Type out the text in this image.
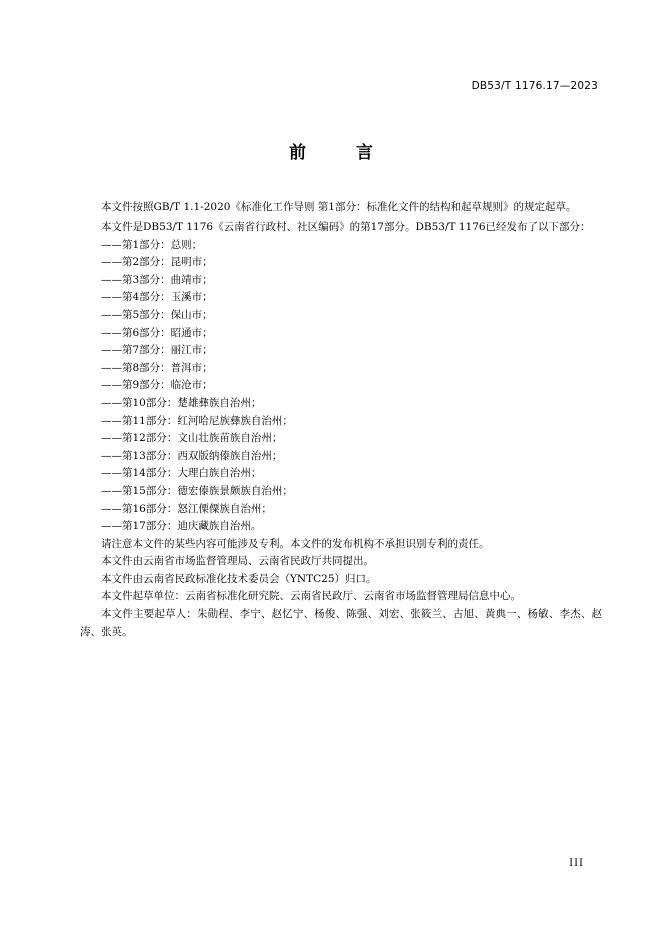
DB53/T 1176.17—2023
前 言

本文件按照GB/T 1.1-2020《标准化工作导则 第1部分：标准化文件的结构和起草规则》的规定起草。

本文件是DB53/T 1176《云南省行政村、社区编码》的第17部分。DB53/T 1176已经发布了以下部分：

——第1部分：总则；
——第2部分：昆明市；
——第3部分：曲靖市；
——第4部分：玉溪市；
——第5部分：保山市；
——第6部分：昭通市；
——第7部分：丽江市；
——第8部分：普洱市；
——第9部分：临沧市；
——第10部分：楚雄彝族自治州；
——第11部分：红河哈尼族彝族自治州；
——第12部分：文山壮族苗族自治州；
——第13部分：西双版纳傣族自治州；
——第14部分：大理白族自治州；
——第15部分：德宏傣族景颇族自治州；
——第16部分：怒江傈僳族自治州；
——第17部分：迪庆藏族自治州。

请注意本文件的某些内容可能涉及专利。本文件的发布机构不承担识别专利的责任。

本文件由云南省市场监督管理局、云南省民政厅共同提出。

本文件由云南省民政标准化技术委员会（YNTC25）归口。

本文件起草单位：云南省标准化研究院、云南省民政厅、云南省市场监督管理局信息中心。

本文件主要起草人：朱勋程、李宁、赵忆宁、杨俊、陈强、刘宏、张筱兰、古旭、黄典一、杨敏、李杰、赵涛、张英。

III
